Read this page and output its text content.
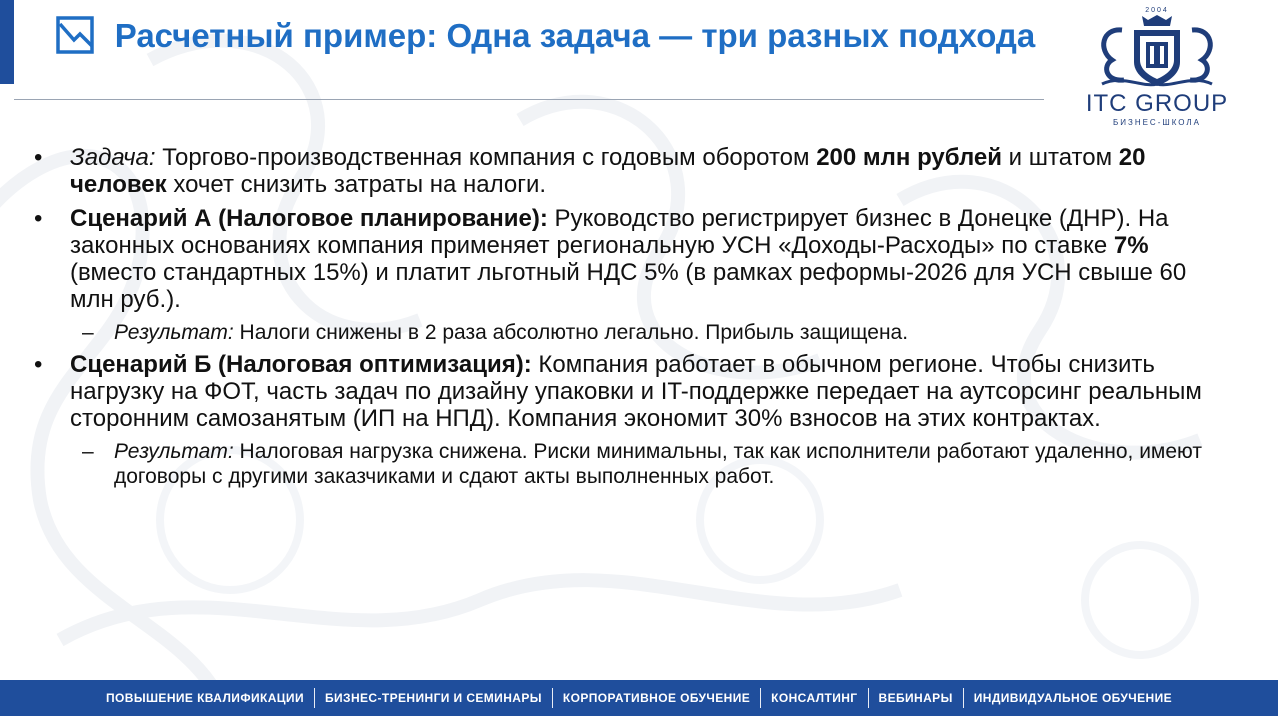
Расчетный пример: Одна задача — три разных подхода
2004
ITC GROUP
БИЗНЕС-ШКОЛА
• Задача: Торгово-производственная компания с годовым оборотом 200 млн рублей и штатом 20 человек хочет снизить затраты на налоги.
• Сценарий А (Налоговое планирование): Руководство регистрирует бизнес в Донецке (ДНР). На законных основаниях компания применяет региональную УСН «Доходы-Расходы» по ставке 7% (вместо стандартных 15%) и платит льготный НДС 5% (в рамках реформы-2026 для УСН свыше 60 млн руб.).
– Результат: Налоги снижены в 2 раза абсолютно легально. Прибыль защищена.
• Сценарий Б (Налоговая оптимизация): Компания работает в обычном регионе. Чтобы снизить нагрузку на ФОТ, часть задач по дизайну упаковки и IT-поддержке передает на аутсорсинг реальным сторонним самозанятым (ИП на НПД). Компания экономит 30% взносов на этих контрактах.
– Результат: Налоговая нагрузка снижена. Риски минимальны, так как исполнители работают удаленно, имеют договоры с другими заказчиками и сдают акты выполненных работ.
ПОВЫШЕНИЕ КВАЛИФИКАЦИИ БИЗНЕС-ТРЕНИНГИ И СЕМИНАРЫ КОРПОРАТИВНОЕ ОБУЧЕНИЕ КОНСАЛТИНГ ВЕБИНАРЫ ИНДИВИДУАЛЬНОЕ ОБУЧЕНИЕ
